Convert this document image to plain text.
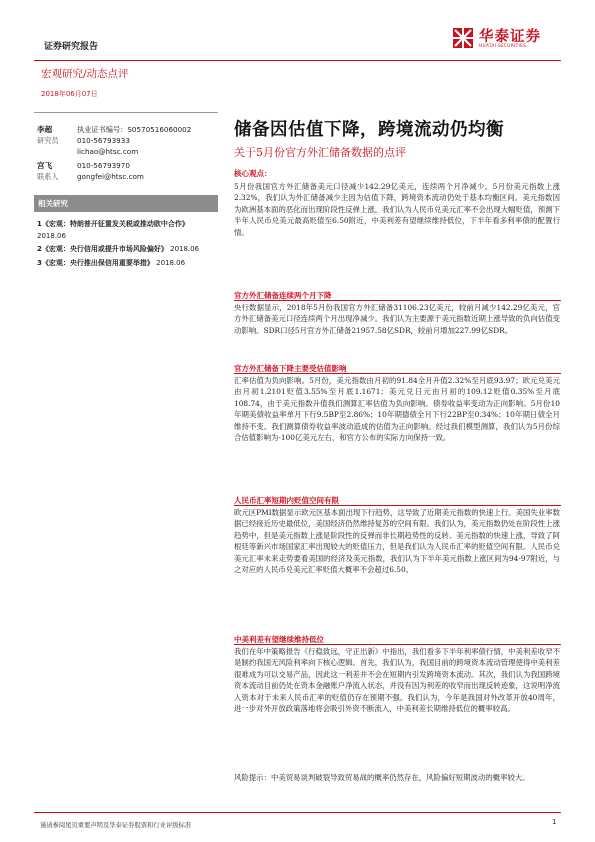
证券研究报告
华泰证券
HUATAI SECURITIES
宏观研究/动态点评
2018年06月07日
李超
研究员
执业证书编号：S0570516060002
010-56793933
lichao@htsc.com
宫飞
联系人
010-56793970
gongfei@htsc.com
相关研究
1《宏观：特朗普开征置发关税或推动欧中合作》 2018.06
2《宏观：央行信用或提升市场风险偏好》 2018.06
3《宏观：央行推出保信用重要举措》 2018.06
储备因估值下降，跨境流动仍均衡
关于5月份官方外汇储备数据的点评
核心观点：
5月份我国官方外汇储备美元口径减少142.29亿美元，连续两个月净减少。5月份美元指数上涨2.32%，我们认为外汇储备减少主因为估值下降，跨境资本流动仍处于基本均衡区间。美元指数因为欧洲基本面的恶化而出现阶段性反弹上涨，我们认为人民币兑美元汇率不会出现大幅贬值，预测下半年人民币兑美元最高贬值至6.50附近，中美利差有望继续维持低位，下半年看多利率债的配置行情。
官方外汇储备连续两个月下降
央行数据显示，2018年5月份我国官方外汇储备31106.23亿美元，较前月减少142.29亿美元，官方外汇储备美元口径连续两个月出现净减少。我们认为主要源于美元指数近期上涨导致的负向估值变动影响。SDR口径5月官方外汇储备21957.58亿SDR，较前月增加227.99亿SDR。
官方外汇储备下降主要受估值影响
汇率估值为负向影响。5月份，美元指数由月初的91.84全月升值2.32%至月底93.97；欧元兑美元由月初1.2101贬值3.55%至月底1.1671；美元兑日元由月初的109.12贬值0.35%至月底108.74，由于美元指数升值我们测算汇率估值为负向影响。债券收益率变动为正向影响。5月份10年期美债收益率单月下行9.5BP至2.86%；10年期德债全月下行22BP至0.34%；10年期日债全月维持不变。我们测算债券收益率波动造成的估值为正向影响。经过我们模型测算，我们认为5月份综合估值影响为-100亿美元左右，和官方公布的实际方向保持一致。
人民币汇率短期内贬值空间有限
欧元区PMI数据显示欧元区基本面出现下行趋势，这导致了近期美元指数的快速上行。美国失业率数据已经接近历史最低位，美国经济仍然维持复苏的空间有限。我们认为，美元指数仍处在阶段性上涨趋势中，但是美元指数上涨是阶段性的反弹而非长期趋势性的反转。美元指数的快速上涨，导致了阿根廷等新兴市场国家汇率出现较大的贬值压力，但是我们认为人民币汇率的贬值空间有限。人民币兑美元汇率未来走势要看美国的经济及美元指数，我们认为下半年美元指数上涨区间为94-97附近，与之对应的人民币兑美元汇率贬值大概率不会超过6.50。
中美利差有望继续维持低位
我们在年中策略报告《行稳致远，守正出新》中指出，我们看多下半年利率债行情，中美利差收窄不是制约我国无风险利率向下核心逻辑。首先，我们认为，我国目前的跨境资本流动管理使得中美利差很难成为可以交易产品，因此这一利差并不会在短期内引发跨境资本流动。其次，我们认为我国跨境资本流动目前仍处在资本金融账户净流入状态，并没有因为利差的收窄而出现反转迹象，这说明净流入资本对于未来人民币汇率的贬值仍存在预期不强。我们认为，今年是我国对外改革开放40周年，进一步对外开放政策落地将会吸引外资不断流入，中美利差长期维持低位的概率较高。
风险提示：中美贸易谈判破裂导致贸易战的概率仍然存在，风险偏好短期波动的概率较大。
谨请参阅尾页重要声明及华泰证券股票和行业评级标准	1
